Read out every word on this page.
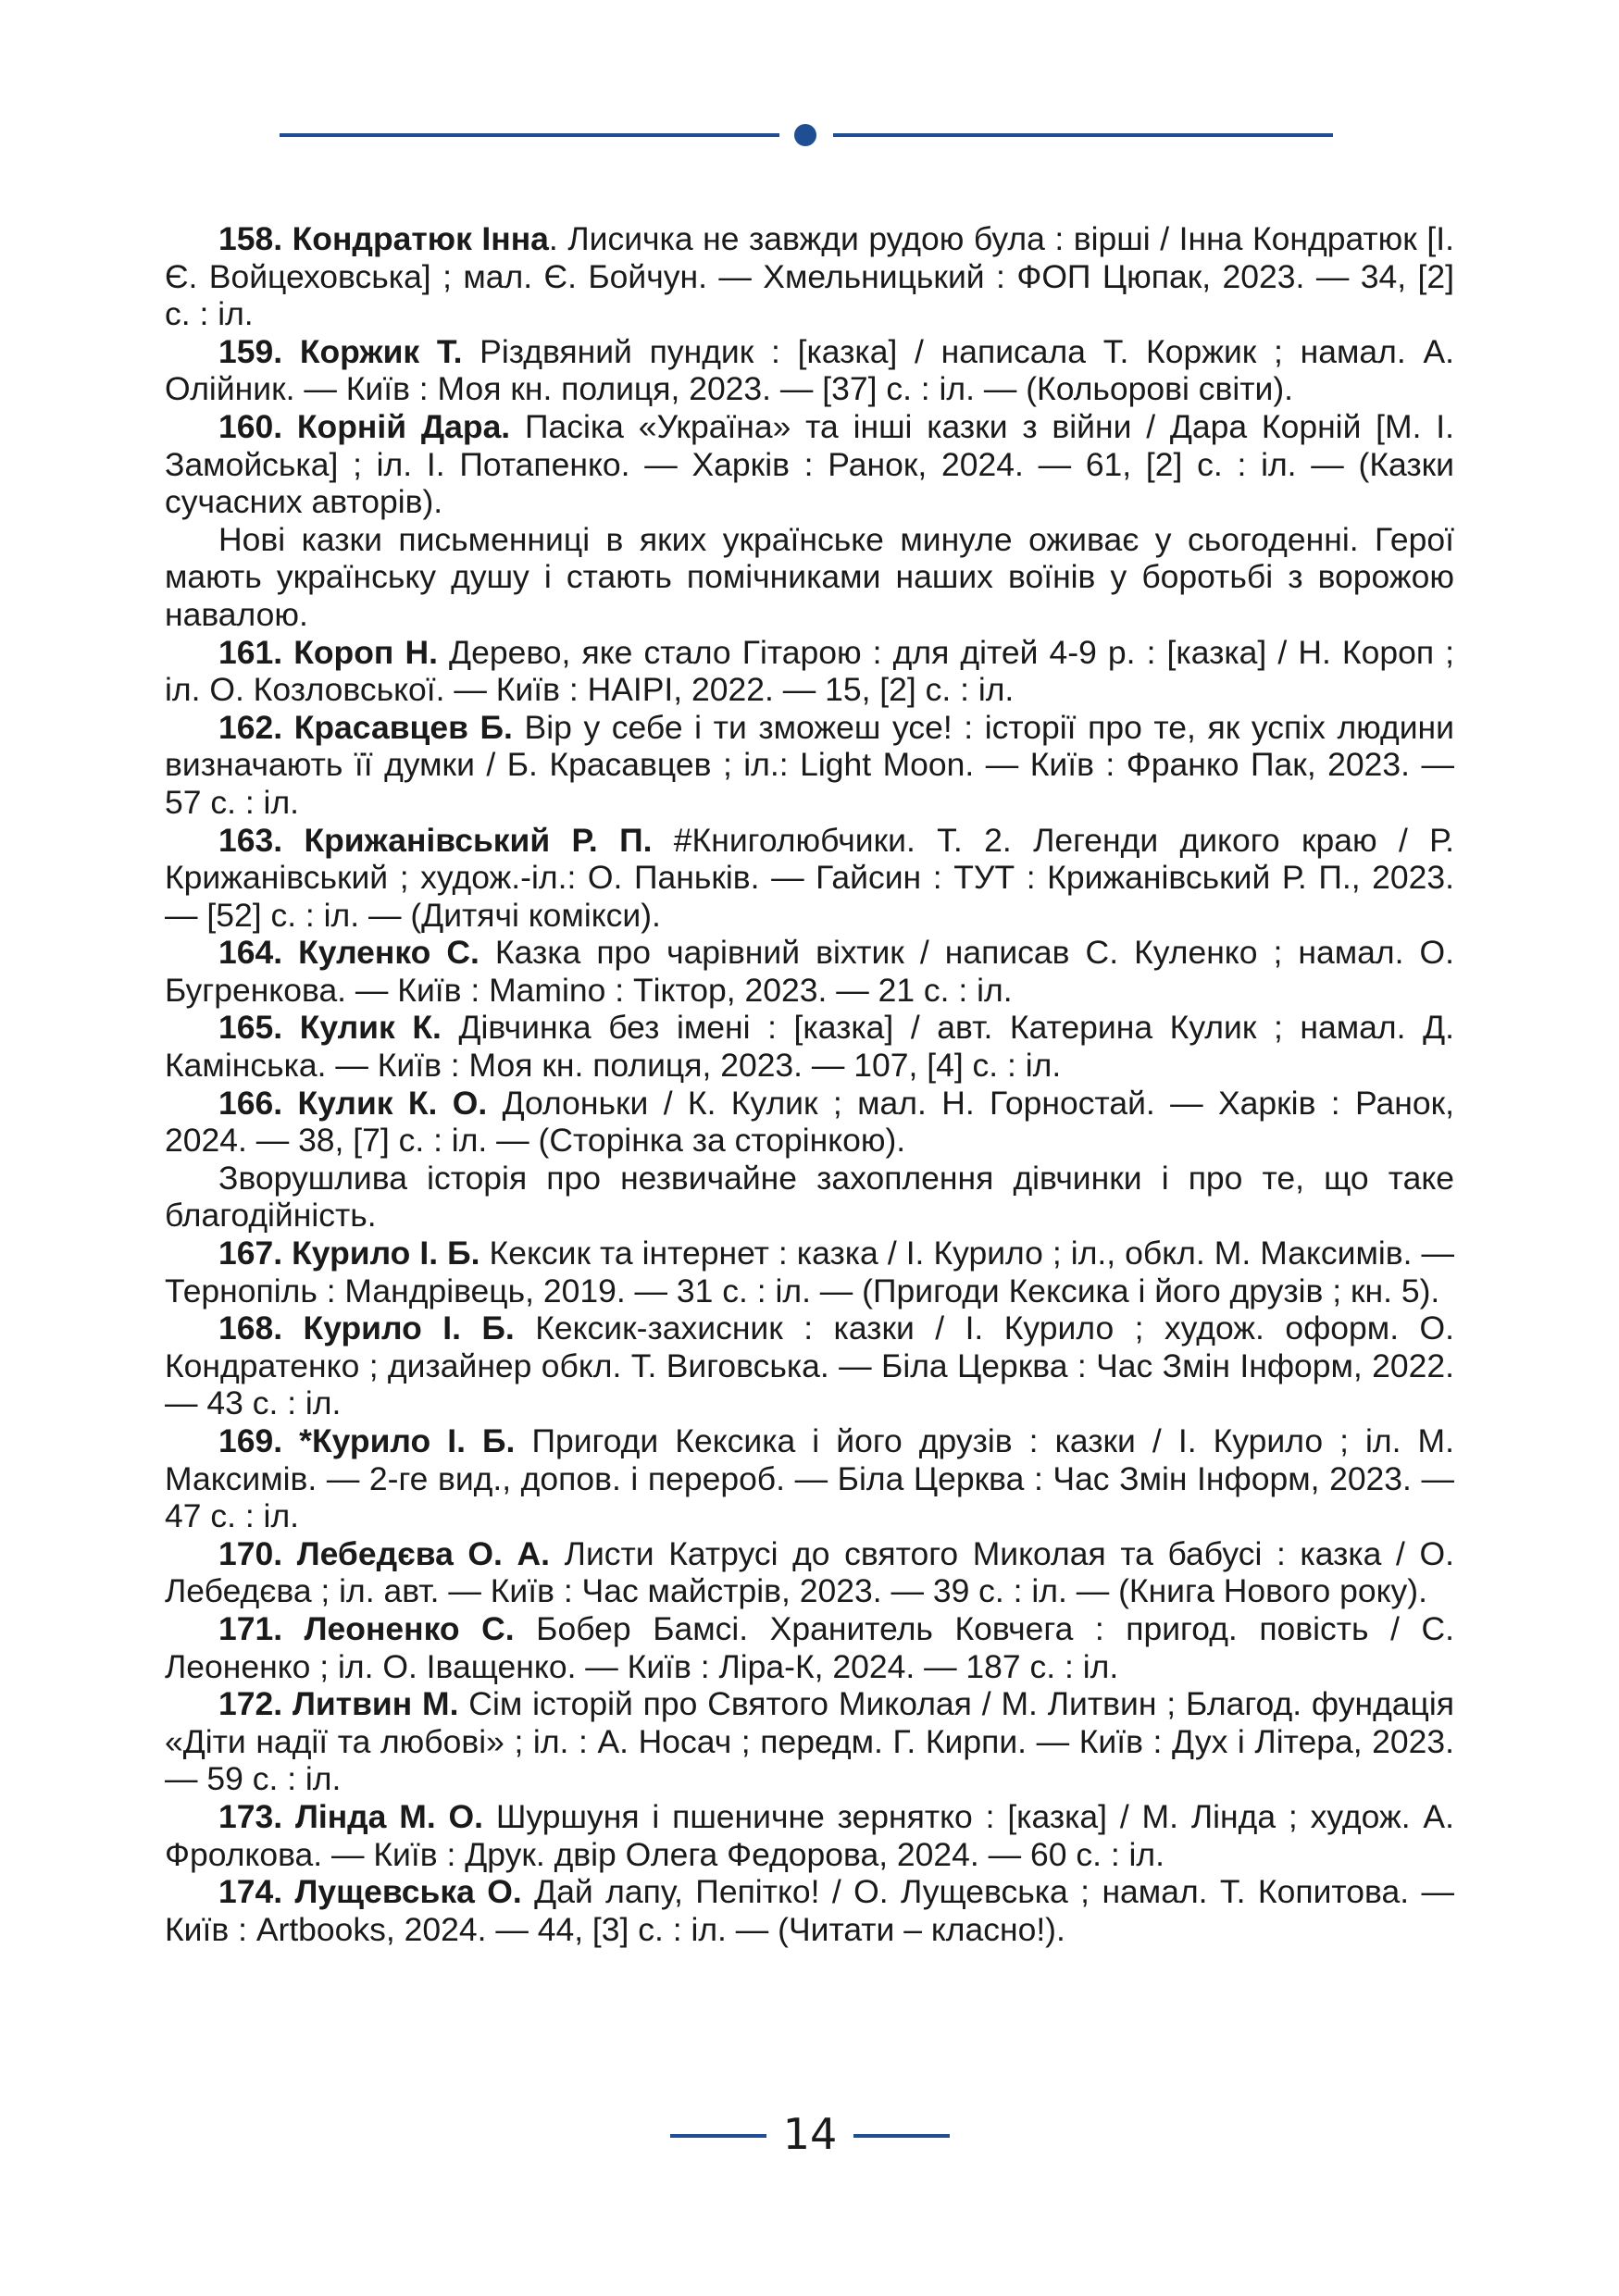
158. Кондратюк Інна. Лисичка не завжди рудою була : вірші / Інна Кондратюк [І. Є. Войцеховська] ; мал. Є. Бойчун. — Хмельницький : ФОП Цюпак, 2023. — 34, [2] с. : іл.

159. Коржик Т. Різдвяний пундик : [казка] / написала Т. Коржик ; намал. А. Олійник. — Київ : Моя кн. полиця, 2023. — [37] с. : іл. — (Кольорові світи).

160. Корній Дара. Пасіка «Україна» та інші казки з війни / Дара Корній [М. І. Замойська] ; іл. І. Потапенко. — Харків : Ранок, 2024. — 61, [2] с. : іл. — (Казки сучасних авторів).

Нові казки письменниці в яких українське минуле оживає у сьогоденні. Герої мають українську душу і стають помічниками наших воїнів у боротьбі з ворожою навалою.

161. Короп Н. Дерево, яке стало Гітарою : для дітей 4-9 р. : [казка] / Н. Короп ; іл. О. Козловської. — Київ : НАІРІ, 2022. — 15, [2] с. : іл.

162. Красавцев Б. Вір у себе і ти зможеш усе! : історії про те, як успіх людини визначають її думки / Б. Красавцев ; іл.: Light Moon. — Київ : Франко Пак, 2023. — 57 с. : іл.

163. Крижанівський Р. П. #Книголюбчики. Т. 2. Легенди дикого краю / Р. Крижанівський ; худож.-іл.: О. Паньків. — Гайсин : ТУТ : Крижанівський Р. П., 2023. — [52] с. : іл. — (Дитячі комікси).

164. Куленко С. Казка про чарівний віхтик / написав С. Куленко ; намал. О. Бугренкова. — Київ : Mamino : Тіктор, 2023. — 21 с. : іл.

165. Кулик К. Дівчинка без імені : [казка] / авт. Катерина Кулик ; намал. Д. Камінська. — Київ : Моя кн. полиця, 2023. — 107, [4] с. : іл.

166. Кулик К. О. Долоньки / К. Кулик ; мал. Н. Горностай. — Харків : Ранок, 2024. — 38, [7] с. : іл. — (Сторінка за сторінкою).

Зворушлива історія про незвичайне захоплення дівчинки і про те, що таке благодійність.

167. Курило І. Б. Кексик та інтернет : казка / І. Курило ; іл., обкл. М. Максимів. — Тернопіль : Мандрівець, 2019. — 31 с. : іл. — (Пригоди Кексика і його друзів ; кн. 5).

168. Курило І. Б. Кексик-захисник : казки / І. Курило ; худож. оформ. О. Кондратенко ; дизайнер обкл. Т. Виговська. — Біла Церква : Час Змін Інформ, 2022. — 43 с. : іл.

169. *Курило І. Б. Пригоди Кексика і його друзів : казки / І. Курило ; іл. М. Максимів. — 2-ге вид., допов. і перероб. — Біла Церква : Час Змін Інформ, 2023. — 47 с. : іл.

170. Лебедєва О. А. Листи Катрусі до святого Миколая та бабусі : казка / О. Лебедєва ; іл. авт. — Київ : Час майстрів, 2023. — 39 с. : іл. — (Книга Нового року).

171. Леоненко С. Бобер Бамсі. Хранитель Ковчега : пригод. повість / С. Леоненко ; іл. О. Іващенко. — Київ : Ліра-К, 2024. — 187 с. : іл.

172. Литвин М. Сім історій про Святого Миколая / М. Литвин ; Благод. фундація «Діти надії та любові» ; іл. : А. Носач ; передм. Г. Кирпи. — Київ : Дух і Літера, 2023. — 59 с. : іл.

173. Лінда М. О. Шуршуня і пшеничне зернятко : [казка] / М. Лінда ; худож. А. Фролкова. — Київ : Друк. двір Олега Федорова, 2024. — 60 с. : іл.

174. Лущевська О. Дай лапу, Пепітко! / О. Лущевська ; намал. Т. Копитова. —Київ : Artbooks, 2024. — 44, [3] с. : іл. — (Читати – класно!).

14
